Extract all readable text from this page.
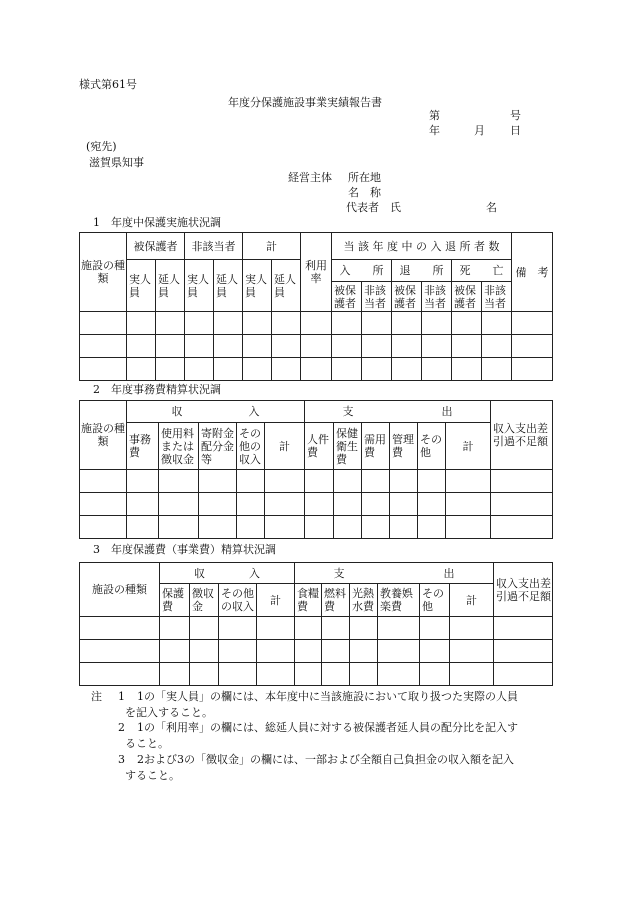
様式第61号
年度分保護施設事業実績報告書
第	号
年	月 日
(宛先)
滋賀県知事
経営主体 所在地
名　称
代表者　氏	名
1　年度中保護実施状況調
施設の種　類	被保護者		非該当者		計		利用率	当 該 年 度 中 の 入 退 所 者 数						備　考
	実人員	延人員	実人員	延人員	実人員	延人員		入　　所		退　　所		死　　亡		
								被保護者	非該当者	被保護者	非該当者	被保護者	非該当者	

2　年度事務費精算状況調
施設の種　類	収　　　　　　入					支　　　　　　　　出						収入支出差引過不足額
	事務費	使用料または徴収金	寄附金配分金等	その他の収入	計	人件費	保健衛生費	需用費	管理費	その他	計	

3　年度保護費（事業費）精算状況調
施設の種類	収　　　　入				支　　　　　　　　　出						収入支出差引過不足額
	保護費	徴収金	その他の収入	計	食糧費	燃料費	光熱水費	教養娯楽費	その他	計	

注 1 1の「実人員」の欄には、本年度中に当該施設において取り扱つた実際の人員
を記入すること。
2 1の「利用率」の欄には、総延人員に対する被保護者延人員の配分比を記入す
ること。
3 2および3の「徴収金」の欄には、一部および全額自己負担金の収入額を記入
すること。
